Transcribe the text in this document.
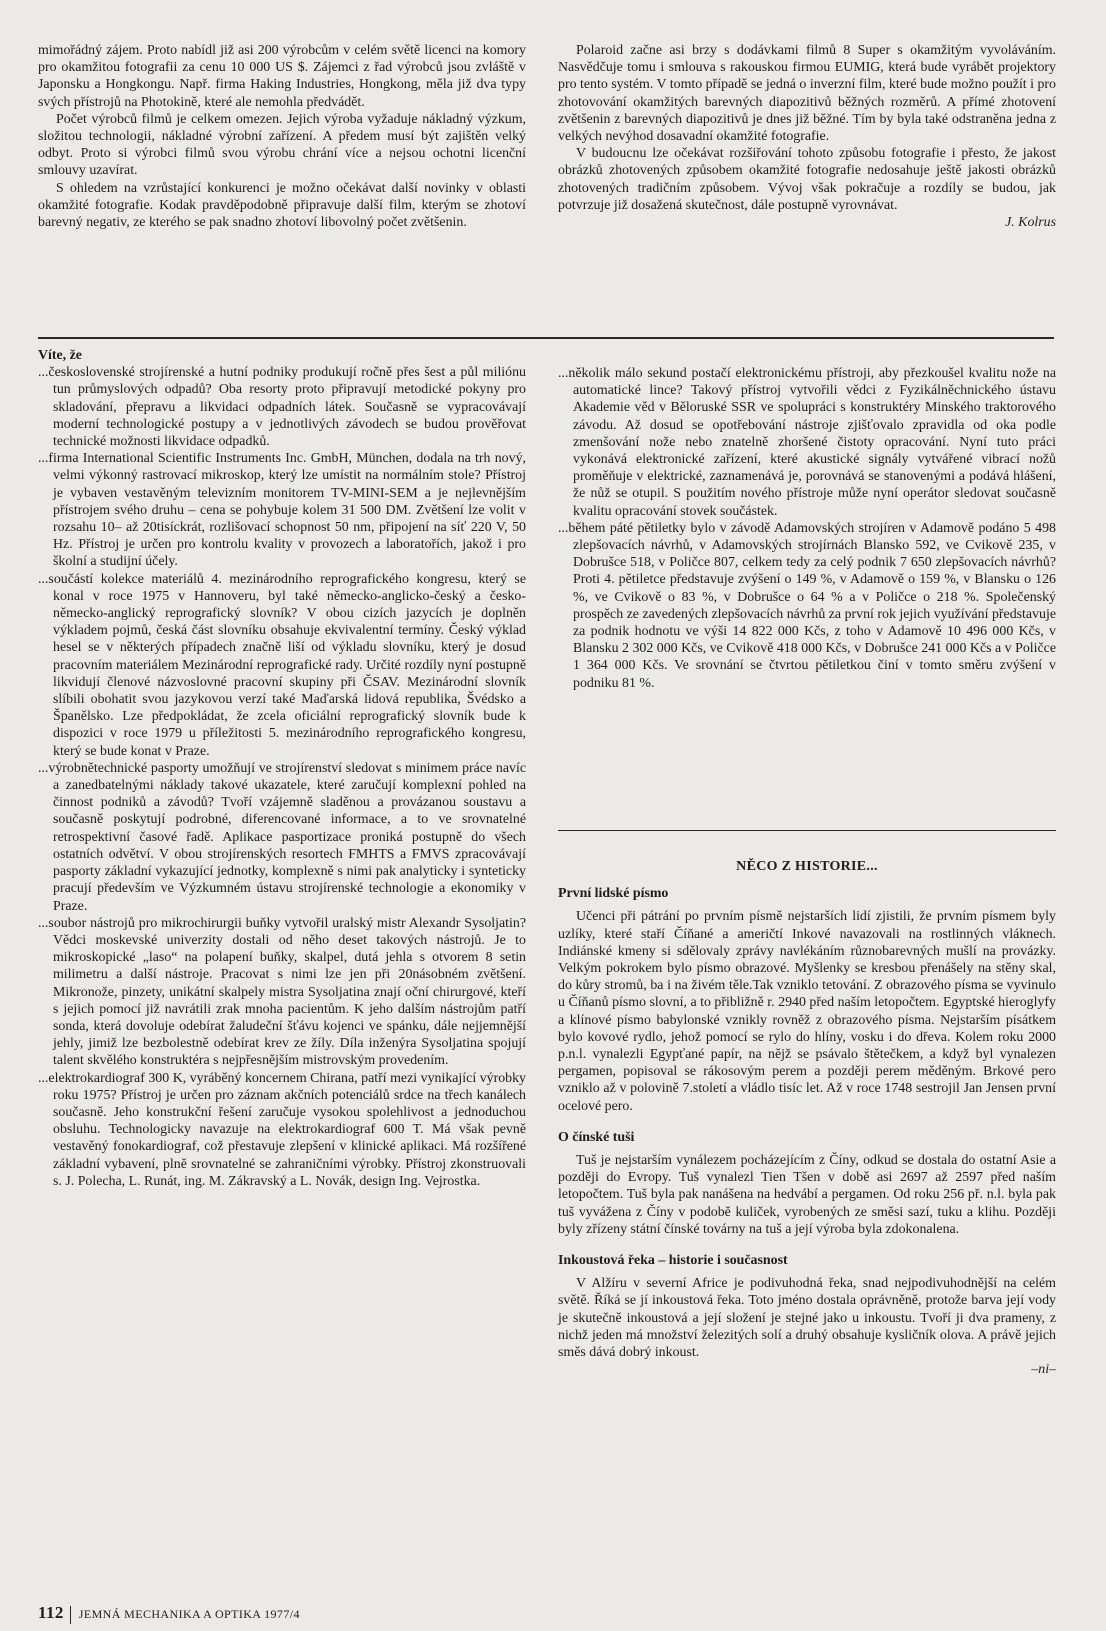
mimořádný zájem. Proto nabídl již asi 200 výrobcům v celém světě licenci na komory pro okamžitou fotografii za cenu 10 000 US $. Zájemci z řad výrobců jsou zvláště v Japonsku a Hongkongu. Např. firma Haking Industries, Hongkong, měla již dva typy svých přístrojů na Photokině, které ale nemohla předvádět.

Počet výrobců filmů je celkem omezen. Jejich výroba vyžaduje nákladný výzkum, složitou technologii, nákladné výrobní zařízení. A předem musí být zajištěn velký odbyt. Proto si výrobci filmů svou výrobu chrání více a nejsou ochotni licenční smlouvy uzavírat.

S ohledem na vzrůstající konkurenci je možno očekávat další novinky v oblasti okamžité fotografie. Kodak pravděpodobně připravuje další film, kterým se zhotoví barevný negativ, ze kterého se pak snadno zhotoví libovolný počet zvětšenin.

Polaroid začne asi brzy s dodávkami filmů 8 Super s okamžitým vyvoláváním. Nasvědčuje tomu i smlouva s rakouskou firmou EUMIG, která bude vyrábět projektory pro tento systém. V tomto případě se jedná o inverzní film, které bude možno použít i pro zhotovování okamžitých barevných diapozitivů běžných rozměrů. A přímé zhotovení zvětšenin z barevných diapozitivů je dnes již běžné. Tím by byla také odstraněna jedna z velkých nevýhod dosavadní okamžité fotografie.

V budoucnu lze očekávat rozšiřování tohoto způsobu fotografie i přesto, že jakost obrázků zhotovených způsobem okamžité fotografie nedosahuje ještě jakosti obrázků zhotovených tradičním způsobem. Vývoj však pokračuje a rozdíly se budou, jak potvrzuje již dosažená skutečnost, dále postupně vyrovnávat.

J. Kolrus

Víte, že

...československé strojírenské a hutní podniky produkují ročně přes šest a půl miliónu tun průmyslových odpadů? Oba resorty proto připravují metodické pokyny pro skladování, přepravu a likvidaci odpadních látek. Současně se vypracovávají moderní technologické postupy a v jednotlivých závodech se budou prověřovat technické možnosti likvidace odpadků.

...firma International Scientific Instruments Inc. GmbH, München, dodala na trh nový, velmi výkonný rastrovací mikroskop, který lze umístit na normálním stole? Přístroj je vybaven vestavěným televizním monitorem TV-MINI-SEM a je nejlevnějším přístrojem svého druhu – cena se pohybuje kolem 31 500 DM. Zvětšení lze volit v rozsahu 10– až 20tisíckrát, rozlišovací schopnost 50 nm, připojení na síť 220 V, 50 Hz. Přístroj je určen pro kontrolu kvality v provozech a laboratořích, jakož i pro školní a studijní účely.

...součástí kolekce materiálů 4. mezinárodního reprografického kongresu, který se konal v roce 1975 v Hannoveru, byl také německo-anglicko-český a česko-německo-anglický reprografický slovník? V obou cizích jazycích je doplněn výkladem pojmů, česká část slovníku obsahuje ekvivalentní termíny. Český výklad hesel se v některých případech značně liší od výkladu slovníku, který je dosud pracovním materiálem Mezinárodní reprografické rady. Určité rozdíly nyní postupně likvidují členové názvoslovné pracovní skupiny při ČSAV. Mezinárodní slovník slíbili obohatit svou jazykovou verzí také Maďarská lidová republika, Švédsko a Španělsko. Lze předpokládat, že zcela oficiální reprografický slovník bude k dispozici v roce 1979 u příležitosti 5. mezinárodního reprografického kongresu, který se bude konat v Praze.

...výrobnětechnické pasporty umožňují ve strojírenství sledovat s minimem práce navíc a zanedbatelnými náklady takové ukazatele, které zaručují komplexní pohled na činnost podniků a závodů? Tvoří vzájemně sladěnou a provázanou soustavu a současně poskytují podrobné, diferencované informace, a to ve srovnatelné retrospektivní časové řadě. Aplikace pasportizace proniká postupně do všech ostatních odvětví. V obou strojírenských resortech FMHTS a FMVS zpracovávají pasporty základní vykazující jednotky, komplexně s nimi pak analyticky i synteticky pracují především ve Výzkumném ústavu strojírenské technologie a ekonomiky v Praze.

...soubor nástrojů pro mikrochirurgii buňky vytvořil uralský mistr Alexandr Sysoljatin? Vědci moskevské univerzity dostali od něho deset takových nástrojů. Je to mikroskopické „laso“ na polapení buňky, skalpel, dutá jehla s otvorem 8 setin milimetru a další nástroje. Pracovat s nimi lze jen při 20násobném zvětšení. Mikronože, pinzety, unikátní skalpely mistra Sysoljatina znají oční chirurgové, kteří s jejich pomocí již navrátili zrak mnoha pacientům. K jeho dalším nástrojům patří sonda, která dovoluje odebírat žaludeční šťávu kojenci ve spánku, dále nejjemnější jehly, jimiž lze bezbolestně odebírat krev ze žíly. Díla inženýra Sysoljatina spojují talent skvělého konstruktéra s nejpřesnějším mistrovským provedením.

...elektrokardiograf 300 K, vyráběný koncernem Chirana, patří mezi vynikající výrobky roku 1975? Přístroj je určen pro záznam akčních potenciálů srdce na třech kanálech současně. Jeho konstrukční řešení zaručuje vysokou spolehlivost a jednoduchou obsluhu. Technologicky navazuje na elektrokardiograf 600 T. Má však pevně vestavěný fonokardiograf, což přestavuje zlepšení v klinické aplikaci. Má rozšířené základní vybavení, plně srovnatelné se zahraničními výrobky. Přístroj zkonstruovali s. J. Polecha, L. Runát, ing. M. Zákravský a L. Novák, design Ing. Vejrostka.

...několik málo sekund postačí elektronickému přístroji, aby přezkoušel kvalitu nože na automatické lince? Takový přístroj vytvořili vědci z Fyzikálněchnického ústavu Akademie věd v Běloruské SSR ve spolupráci s konstruktéry Minského traktorového závodu. Až dosud se opotřebování nástroje zjišťovalo zpravidla od oka podle zmenšování nože nebo znatelně zhoršené čistoty opracování. Nyní tuto práci vykonává elektronické zařízení, které akustické signály vytvářené vibrací nožů proměňuje v elektrické, zaznamenává je, porovnává se stanovenými a podává hlášení, že nůž se otupil. S použitím nového přístroje může nyní operátor sledovat současně kvalitu opracování stovek součástek.

...během páté pětiletky bylo v závodě Adamovských strojíren v Adamově podáno 5 498 zlepšovacích návrhů, v Adamovských strojírnách Blansko 592, ve Cvikově 235, v Dobrušce 518, v Poličce 807, celkem tedy za celý podnik 7 650 zlepšovacích návrhů? Proti 4. pětiletce představuje zvýšení o 149 %, v Adamově o 159 %, v Blansku o 126 %, ve Cvikově o 83 %, v Dobrušce o 64 % a v Poličce o 218 %. Společenský prospěch ze zavedených zlepšovacích návrhů za první rok jejich využívání představuje za podnik hodnotu ve výši 14 822 000 Kčs, z toho v Adamově 10 496 000 Kčs, v Blansku 2 302 000 Kčs, ve Cvikově 418 000 Kčs, v Dobrušce 241 000 Kčs a v Poličce 1 364 000 Kčs. Ve srovnání se čtvrtou pětiletkou činí v tomto směru zvýšení v podniku 81 %.

NĚCO Z HISTORIE...

První lidské písmo

Učenci při pátrání po prvním písmě nejstarších lidí zjistili, že prvním písmem byly uzlíky, které staří Číňané a američtí Inkové navazovali na rostlinných vláknech. Indiánské kmeny si sdělovaly zprávy navlékáním různobarevných mušlí na provázky. Velkým pokrokem bylo písmo obrazové. Myšlenky se kresbou přenášely na stěny skal, do kůry stromů, ba i na živém těle.Tak vzniklo tetování. Z obrazového písma se vyvinulo u Číňanů písmo slovní, a to přibližně r. 2940 před naším letopočtem. Egyptské hieroglyfy a klínové písmo babylonské vznikly rovněž z obrazového písma. Nejstarším písátkem bylo kovové rydlo, jehož pomocí se rylo do hlíny, vosku i do dřeva. Kolem roku 2000 p.n.l. vynalezli Egypťané papír, na nějž se psávalo štětečkem, a když byl vynalezen pergamen, popisoval se rákosovým perem a později perem měděným. Brkové pero vzniklo až v polovině 7.století a vládlo tisíc let. Až v roce 1748 sestrojil Jan Jensen první ocelové pero.

O čínské tuši

Tuš je nejstarším vynálezem pocházejícím z Číny, odkud se dostala do ostatní Asie a později do Evropy. Tuš vynalezl Tien Tšen v době asi 2697 až 2597 před naším letopočtem. Tuš byla pak nanášena na hedvábí a pergamen. Od roku 256 př. n.l. byla pak tuš vyvážena z Číny v podobě kuliček, vyrobených ze směsi sazí, tuku a klihu. Později byly zřízeny státní čínské továrny na tuš a její výroba byla zdokonalena.

Inkoustová řeka – historie i současnost

V Alžíru v severní Africe je podivuhodná řeka, snad nejpodivuhodnější na celém světě. Říká se jí inkoustová řeka. Toto jméno dostala oprávněně, protože barva její vody je skutečně inkoustová a její složení je stejné jako u inkoustu. Tvoří ji dva prameny, z nichž jeden má množství železitých solí a druhý obsahuje kysličník olova. A právě jejich směs dává dobrý inkoust.

–ni–

112 JEMNÁ MECHANIKA A OPTIKA 1977/4
